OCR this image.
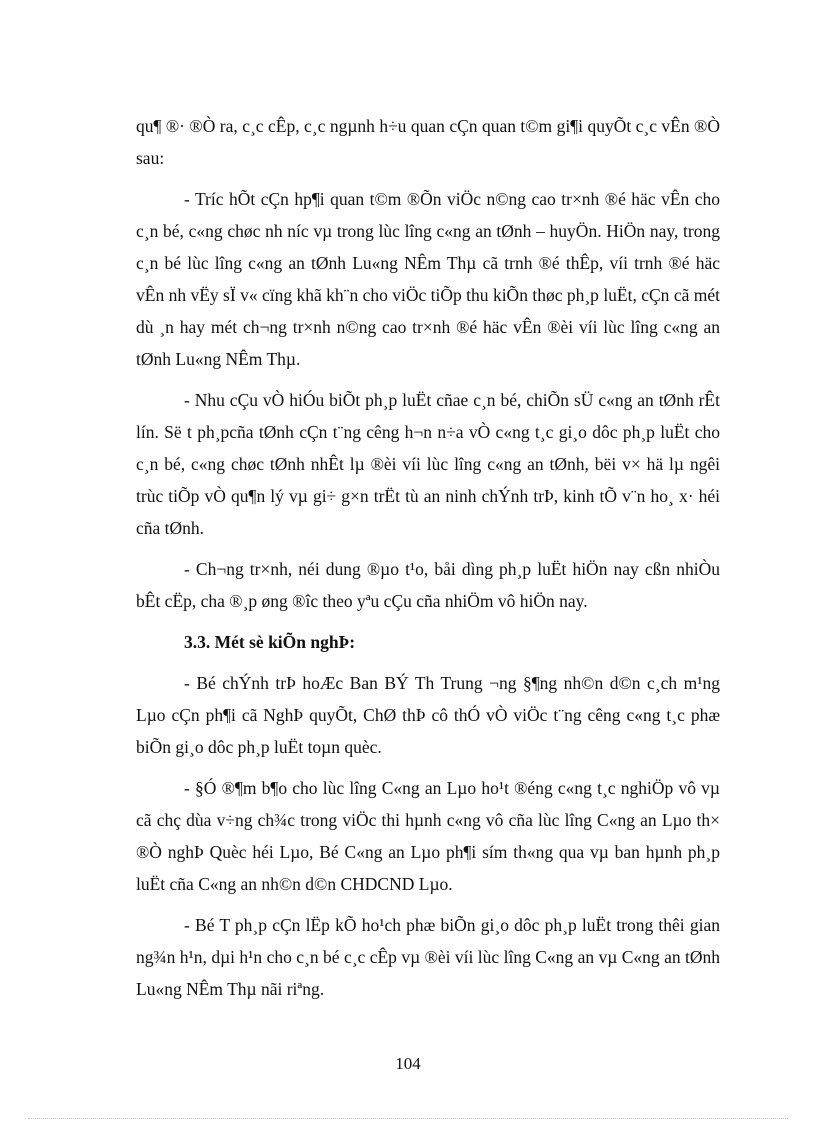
qu¶ ®· ®Ò ra, c¸c cÊp, c¸c ngµnh h÷u quan cÇn quan t©m gi¶i quyÕt c¸c vÊn ®Ò sau:

- Tríc hÕt cÇn hp¶i quan t©m ®Õn viÖc n©ng cao tr×nh ®é häc vÊn cho c¸n bé, c«ng chøc nh níc vµ trong lùc lîng c«ng an tØnh – huyÖn. HiÖn nay, trong c¸n bé lùc lîng c«ng an tØnh Lu«ng NÊm Thµ cã trnh ®é thÊp, víi trnh ®é häc vÊn nh vËy sÏ v« cïng khã kh¨n cho viÖc tiÕp thu kiÕn thøc ph¸p luËt, cÇn cã mét dù ¸n hay mét ch¬ng tr×nh n©ng cao tr×nh ®é häc vÊn ®èi víi lùc lîng c«ng an tØnh Lu«ng NÊm Thµ.

- Nhu cÇu vÒ hiÓu biÕt ph¸p luËt cñae c¸n bé, chiÕn sÜ c«ng an tØnh rÊt lín. Së t ph¸pcña tØnh cÇn t¨ng cêng h¬n n÷a vÒ c«ng t¸c gi¸o dôc ph¸p luËt cho c¸n bé, c«ng chøc tØnh nhÊt lµ ®èi víi lùc lîng c«ng an tØnh, bëi v× hä lµ ngêi trùc tiÕp vÒ qu¶n lý vµ gi÷ g×n trËt tù an ninh chÝnh trÞ, kinh tÕ v¨n ho¸ x· héi cña tØnh.

- Ch¬ng tr×nh, néi dung ®µo t¹o, båi dìng ph¸p luËt hiÖn nay cßn nhiÒu bÊt cËp, cha ®¸p øng ®îc theo yªu cÇu cña nhiÖm vô hiÖn nay.

3.3. Mét sè kiÕn nghÞ:

- Bé chÝnh trÞ hoÆc Ban BÝ Th Trung ¬ng §¶ng nh©n d©n c¸ch m¹ng Lµo cÇn ph¶i cã NghÞ quyÕt, ChØ thÞ cô thÓ vÒ viÖc t¨ng cêng c«ng t¸c phæ biÕn gi¸o dôc ph¸p luËt toµn quèc.

- §Ó ®¶m b¶o cho lùc lîng C«ng an Lµo ho¹t ®éng c«ng t¸c nghiÖp vô vµ cã chç dùa v÷ng ch¾c trong viÖc thi hµnh c«ng vô cña lùc lîng C«ng an Lµo th× ®Ò nghÞ Quèc héi Lµo, Bé C«ng an Lµo ph¶i sím th«ng qua vµ ban hµnh ph¸p luËt cña C«ng an nh©n d©n CHDCND Lµo.

- Bé T ph¸p cÇn lËp kÕ ho¹ch phæ biÕn gi¸o dôc ph¸p luËt trong thêi gian ng¾n h¹n, dµi h¹n cho c¸n bé c¸c cÊp vµ ®èi víi lùc lîng C«ng an vµ C«ng an tØnh Lu«ng NÊm Thµ nãi riªng.

104
